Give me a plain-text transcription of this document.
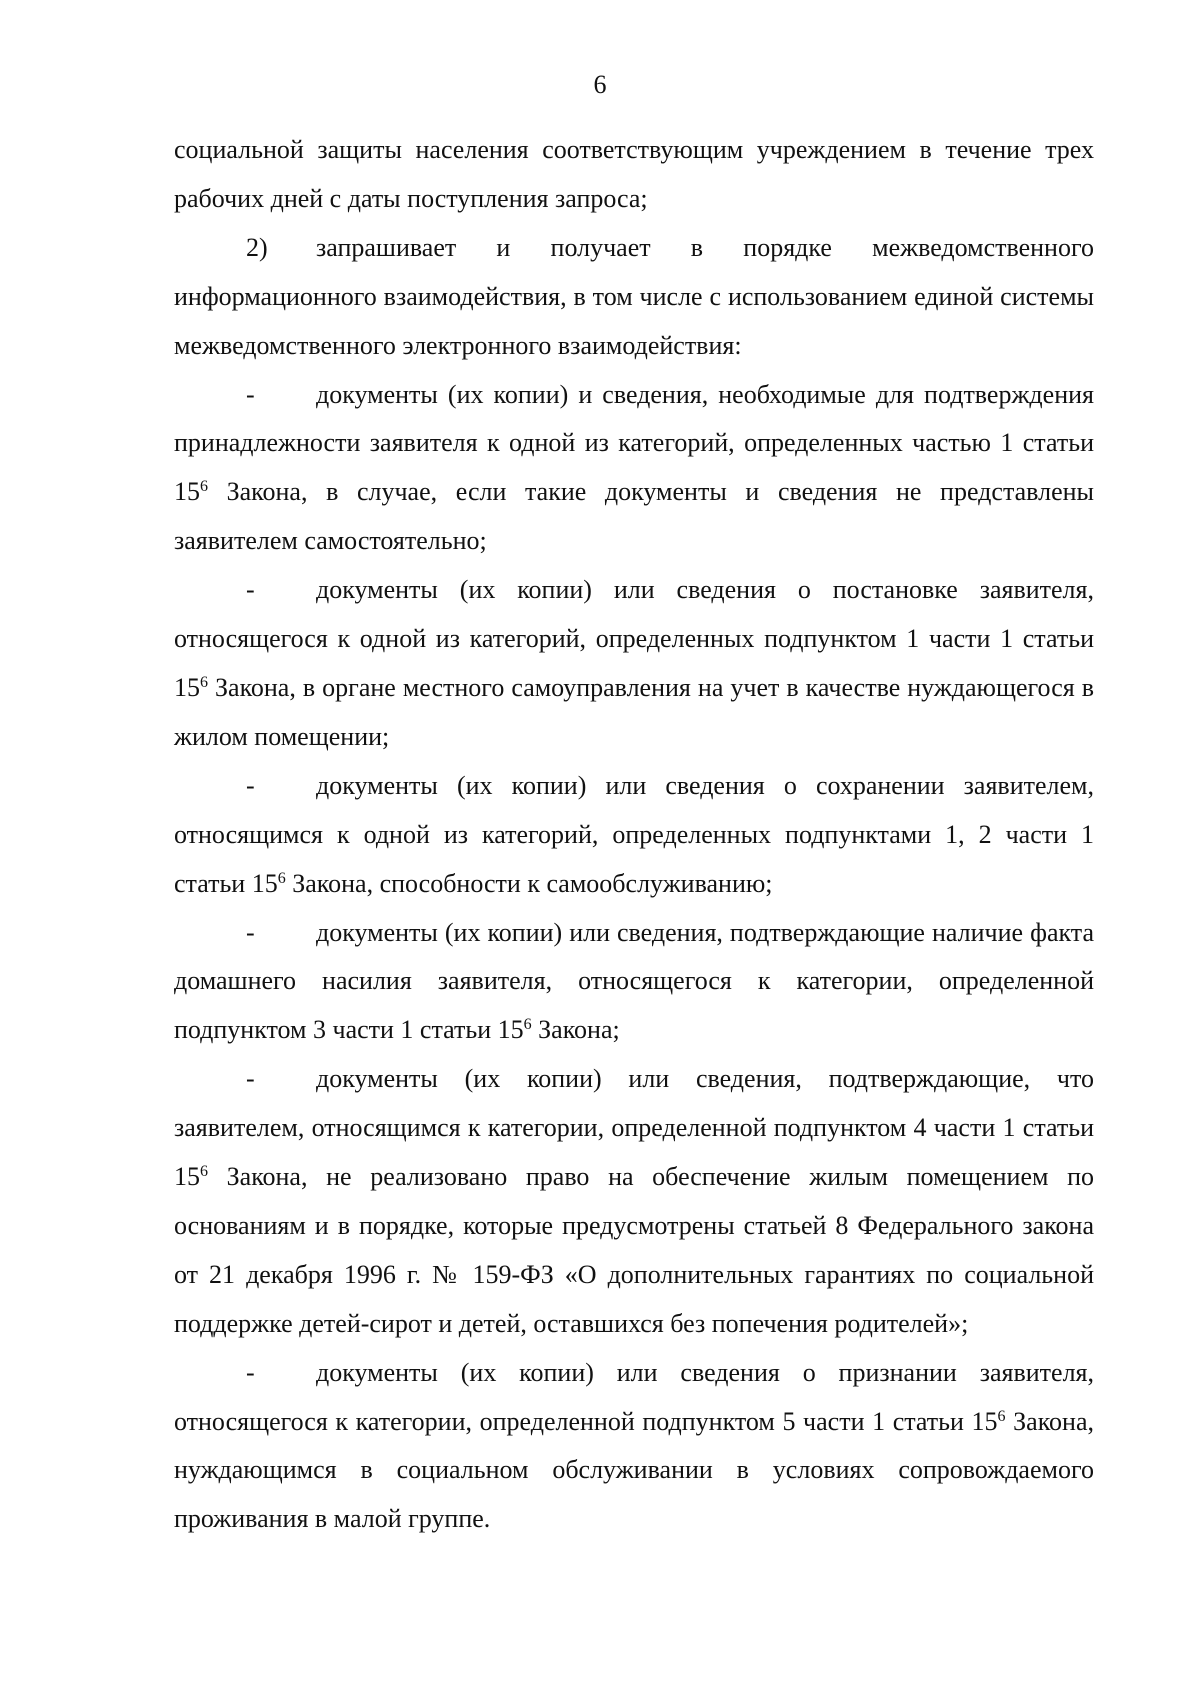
6

социальной защиты населения соответствующим учреждением в течение трех рабочих дней с даты поступления запроса;

2) запрашивает и получает в порядке межведомственного информационного взаимодействия, в том числе с использованием единой системы межведомственного электронного взаимодействия:

- документы (их копии) и сведения, необходимые для подтверждения принадлежности заявителя к одной из категорий, определенных частью 1 статьи $15^6$ Закона, в случае, если такие документы и сведения не представлены заявителем самостоятельно;

- документы (их копии) или сведения о постановке заявителя, относящегося к одной из категорий, определенных подпунктом 1 части 1 статьи $15^6$ Закона, в органе местного самоуправления на учет в качестве нуждающегося в жилом помещении;

- документы (их копии) или сведения о сохранении заявителем, относящимся к одной из категорий, определенных подпунктами 1, 2 части 1 статьи $15^6$ Закона, способности к самообслуживанию;

- документы (их копии) или сведения, подтверждающие наличие факта домашнего насилия заявителя, относящегося к категории, определенной подпунктом 3 части 1 статьи $15^6$ Закона;

- документы (их копии) или сведения, подтверждающие, что заявителем, относящимся к категории, определенной подпунктом 4 части 1 статьи $15^6$ Закона, не реализовано право на обеспечение жилым помещением по основаниям и в порядке, которые предусмотрены статьей 8 Федерального закона от 21 декабря 1996 г. № 159-ФЗ «О дополнительных гарантиях по социальной поддержке детей-сирот и детей, оставшихся без попечения родителей»;

- документы (их копии) или сведения о признании заявителя, относящегося к категории, определенной подпунктом 5 части 1 статьи $15^6$ Закона, нуждающимся в социальном обслуживании в условиях сопровождаемого проживания в малой группе.
